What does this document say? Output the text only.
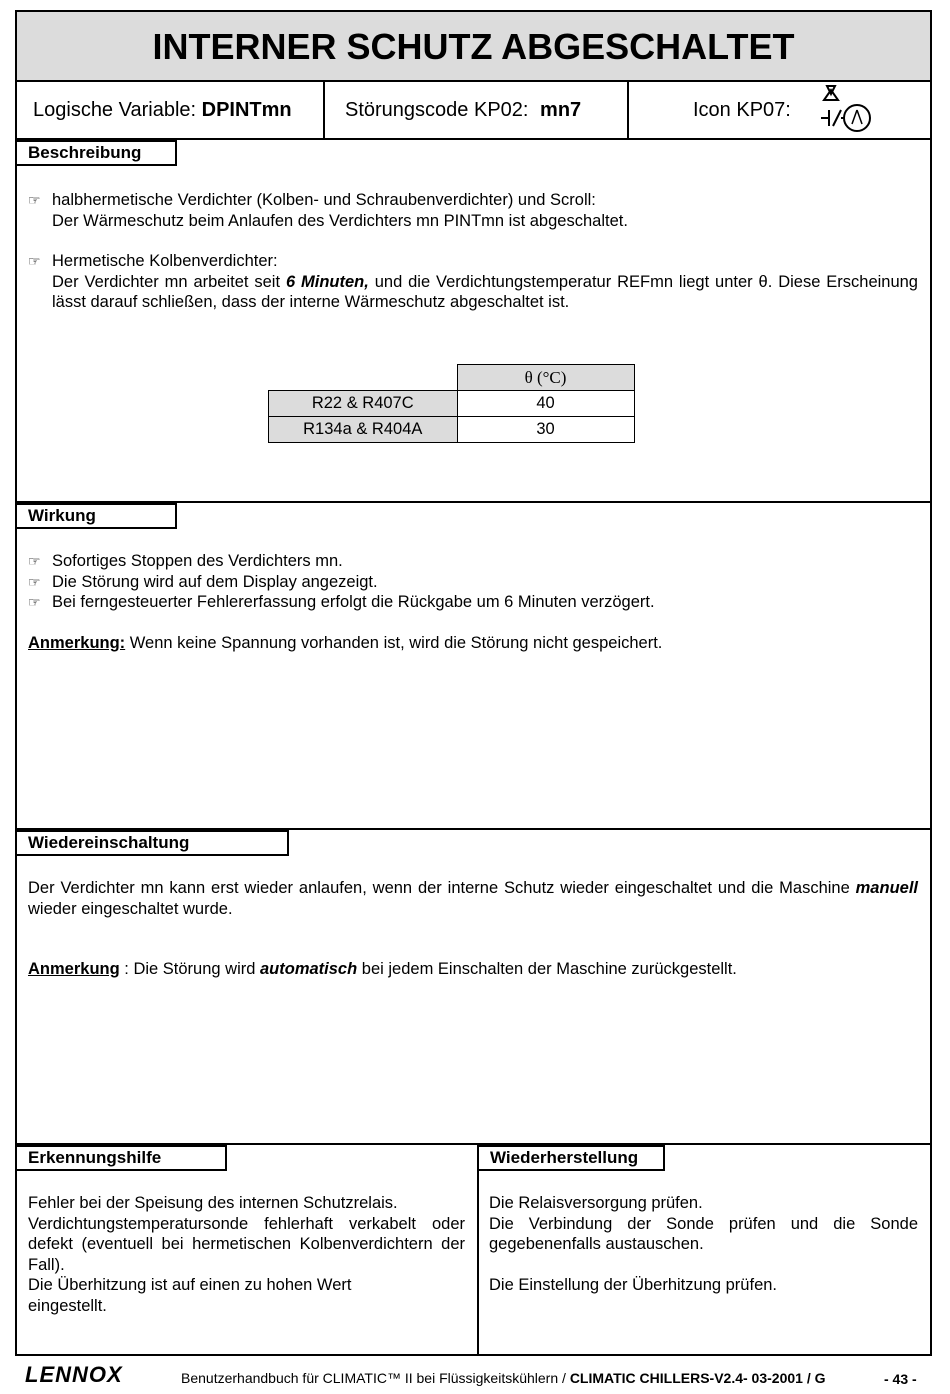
INTERNER SCHUTZ ABGESCHALTET
Logische Variable: DPINTmn	Störungscode KP02: mn7	Icon KP07:
Beschreibung
☞ halbhermetische Verdichter (Kolben- und Schraubenverdichter) und Scroll:
Der Wärmeschutz beim Anlaufen des Verdichters mn PINTmn ist abgeschaltet.
☞ Hermetische Kolbenverdichter:
Der Verdichter mn arbeitet seit 6 Minuten, und die Verdichtungstemperatur REFmn liegt unter θ. Diese Erscheinung lässt darauf schließen, dass der interne Wärmeschutz abgeschaltet ist.
	θ (°C)
R22 & R407C	40
R134a & R404A	30
Wirkung
☞ Sofortiges Stoppen des Verdichters mn.
☞ Die Störung wird auf dem Display angezeigt.
☞ Bei ferngesteuerter Fehlererfassung erfolgt die Rückgabe um 6 Minuten verzögert.
Anmerkung: Wenn keine Spannung vorhanden ist, wird die Störung nicht gespeichert.
Wiedereinschaltung
Der Verdichter mn kann erst wieder anlaufen, wenn der interne Schutz wieder eingeschaltet und die Maschine manuell wieder eingeschaltet wurde.
Anmerkung : Die Störung wird automatisch bei jedem Einschalten der Maschine zurückgestellt.
Erkennungshilfe	Wiederherstellung
Fehler bei der Speisung des internen Schutzrelais.
Verdichtungstemperatursonde fehlerhaft verkabelt oder defekt (eventuell bei hermetischen Kolbenverdichtern der Fall).
Die Überhitzung ist auf einen zu hohen Wert eingestellt.
Die Relaisversorgung prüfen.
Die Verbindung der Sonde prüfen und die Sonde gegebenenfalls austauschen.
Die Einstellung der Überhitzung prüfen.
LENNOX	Benutzerhandbuch für CLIMATIC™ II bei Flüssigkeitskühlern / CLIMATIC CHILLERS-V2.4- 03-2001 / G	- 43 -
